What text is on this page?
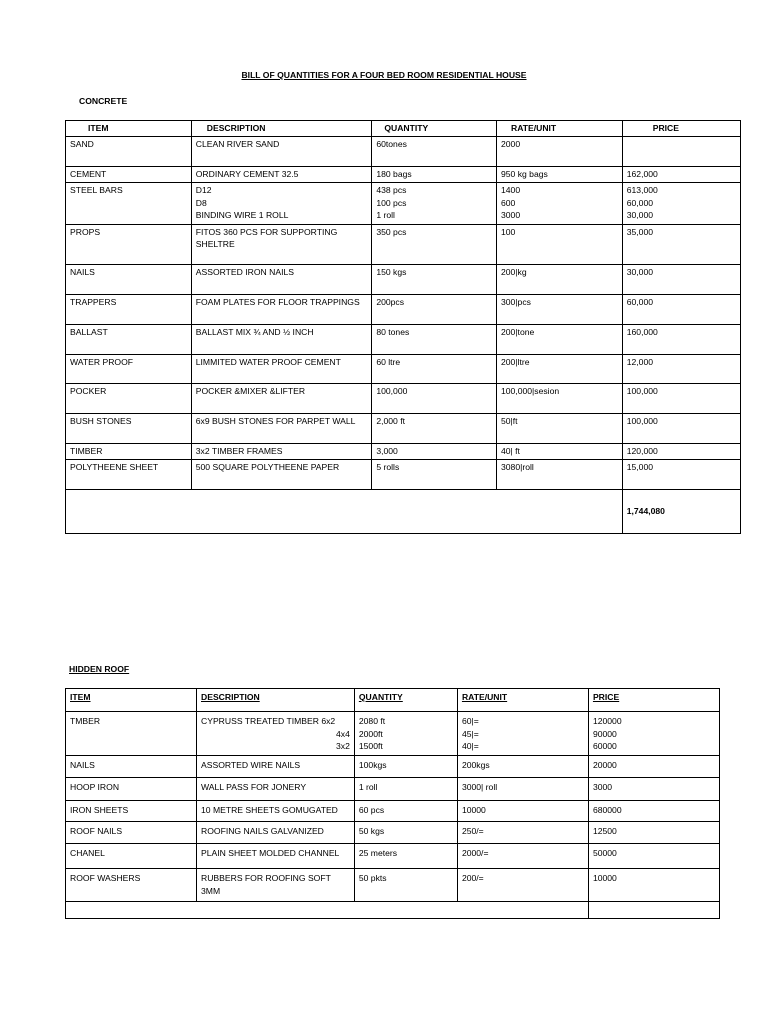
BILL OF QUANTITIES FOR A FOUR BED ROOM RESIDENTIAL HOUSE
CONCRETE
ITEM	DESCRIPTION	QUANTITY	RATE/UNIT	PRICE
SAND	CLEAN RIVER SAND	60tones	2000	

CEMENT	ORDINARY CEMENT 32.5	180 bags	950 kg bags	162,000

STEEL BARS	D12
D8
BINDING WIRE 1 ROLL	438 pcs
100 pcs
1 roll	1400
600
3000	613,000
60,000
30,000

PROPS	FITOS 360 PCS FOR SUPPORTING
SHELTRE	350 pcs	100	35,000

NAILS	ASSORTED IRON NAILS	150 kgs	200|kg	30,000

TRAPPERS	FOAM PLATES FOR FLOOR TRAPPINGS	200pcs	300|pcs	60,000

BALLAST	BALLAST MIX ¾ AND ½ INCH	80 tones	200|tone	160,000

WATER PROOF	LIMMITED WATER PROOF CEMENT	60 ltre	200|ltre	12,000

POCKER	POCKER &MIXER &LIFTER	100,000	100,000|sesion	100,000

BUSH STONES	6x9 BUSH STONES FOR PARPET WALL	2,000 ft	50|ft	100,000

TIMBER	3x2 TIMBER FRAMES	3,000	40| ft	120,000

POLYTHEENE SHEET	500 SQUARE POLYTHEENE PAPER	5 rolls	3080|roll	15,000

				1,744,080
HIDDEN ROOF
ITEM	DESCRIPTION	QUANTITY	RATE/UNIT	PRICE
TMBER	CYPRUSS TREATED TIMBER 6x2
4x4
3x2	2080 ft
2000ft
1500ft	60|=
45|=
40|=	120000
90000
60000

NAILS	ASSORTED WIRE NAILS	100kgs	200kgs	20000

HOOP IRON	WALL PASS FOR JONERY	1 roll	3000| roll	3000

IRON SHEETS	10 METRE SHEETS GOMUGATED	60 pcs	10000	680000

ROOF NAILS	ROOFING NAILS GALVANIZED	50 kgs	250/=	12500

CHANEL	PLAIN SHEET MOLDED CHANNEL	25 meters	2000/=	50000

ROOF WASHERS	RUBBERS FOR ROOFING SOFT
3MM	50 pkts	200/=	10000
